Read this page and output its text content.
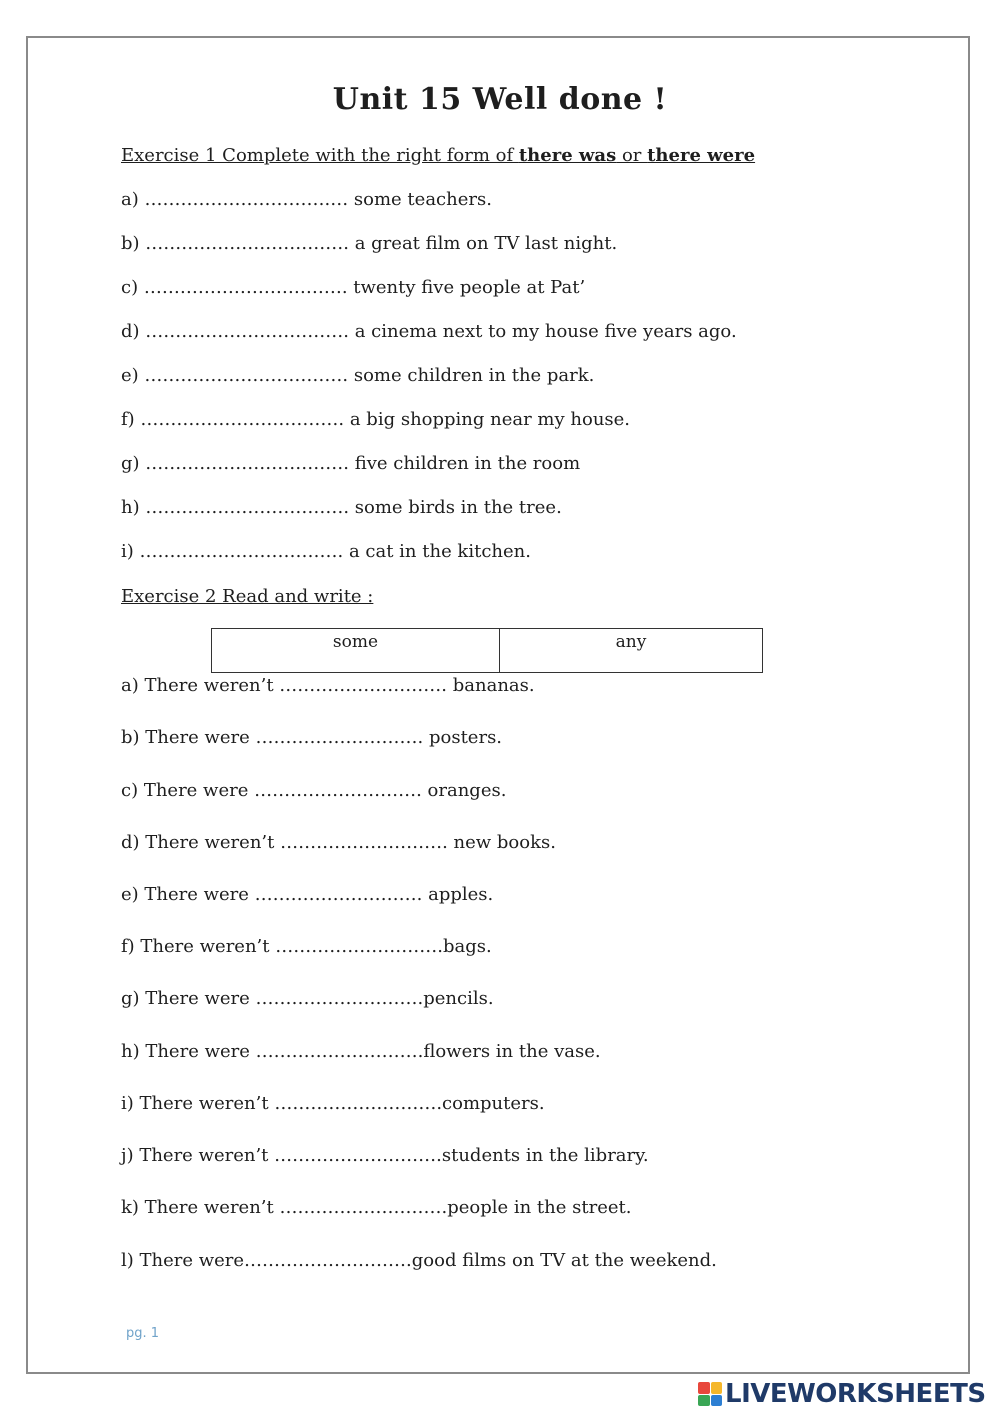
Unit 15 Well done !

Exercise 1 Complete with the right form of there was or there were

a) ………………………….… some teachers.

b) ……………………………. a great film on TV last night.

c) ……………………………. twenty five people at Pat’

d) ……………………………. a cinema next to my house five years ago.

e) ……………………………. some children in the park.

f) ……………………………. a big shopping near my house.

g) ……………………………. five children in the room

h) ……………………………. some birds in the tree.

i) ……………………………. a cat in the kitchen.

Exercise 2 Read and write :

some	any

a) There weren’t ………………………. bananas.

b) There were ………………………. posters.

c) There were ………………………. oranges.

d) There weren’t ………………………. new books.

e) There were ………………………. apples.

f) There weren’t ……………………….bags.

g) There were ……………………….pencils.

h) There were ……………………….flowers in the vase.

i) There weren’t ……………………….computers.

j) There weren’t ……………………….students in the library.

k) There weren’t ……………………….people in the street.

l) There were……………………….good films on TV at the weekend.

pg. 1
LIVEWORKSHEETS
